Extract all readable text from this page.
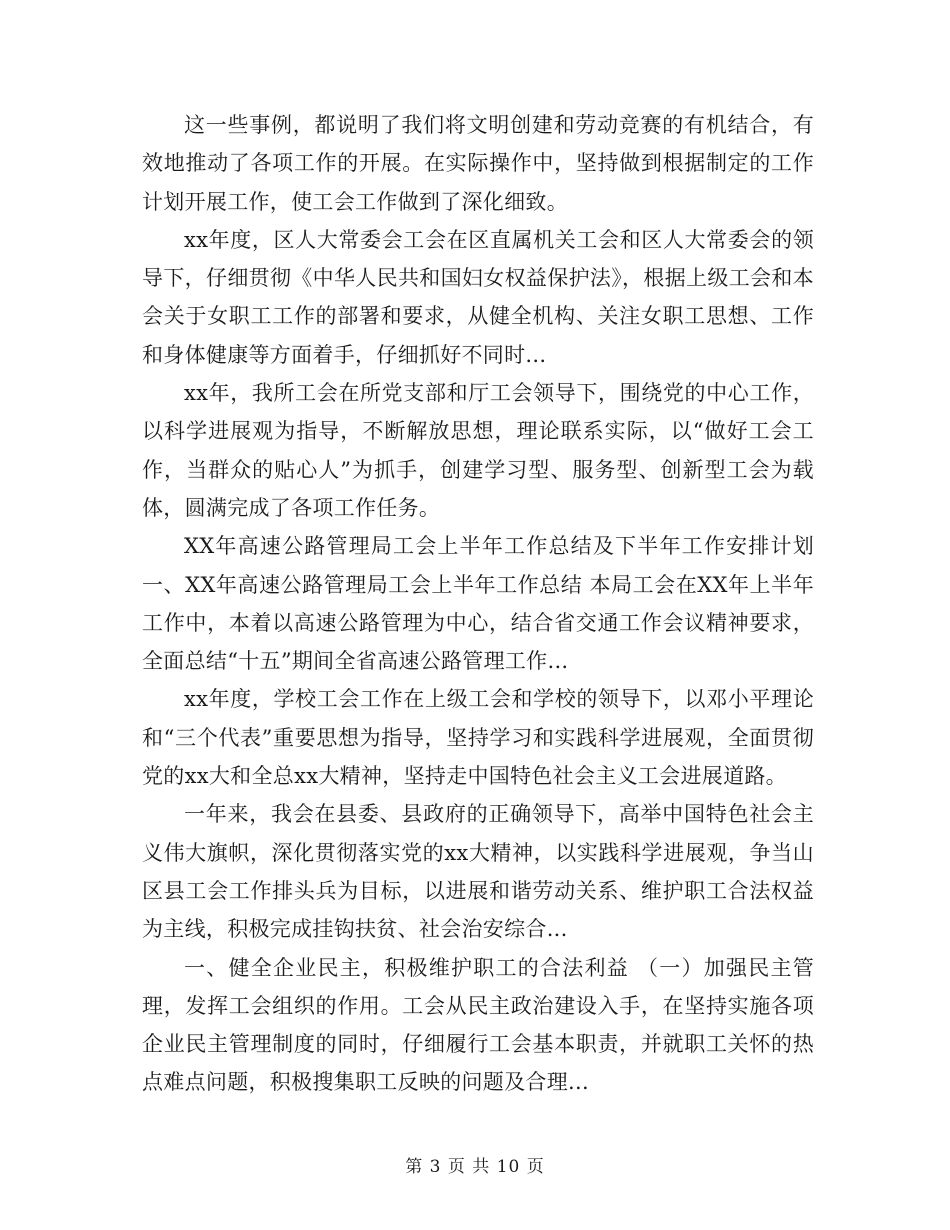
这一些事例，都说明了我们将文明创建和劳动竞赛的有机结合，有效地推动了各项工作的开展。在实际操作中，坚持做到根据制定的工作计划开展工作，使工会工作做到了深化细致。

xx年度，区人大常委会工会在区直属机关工会和区人大常委会的领导下，仔细贯彻《中华人民共和国妇女权益保护法》，根据上级工会和本会关于女职工工作的部署和要求，从健全机构、关注女职工思想、工作和身体健康等方面着手，仔细抓好不同时...

xx年，我所工会在所党支部和厅工会领导下，围绕党的中心工作，以科学进展观为指导，不断解放思想，理论联系实际，以“做好工会工作，当群众的贴心人”为抓手，创建学习型、服务型、创新型工会为载体，圆满完成了各项工作任务。

XX年高速公路管理局工会上半年工作总结及下半年工作安排计划 一、XX年高速公路管理局工会上半年工作总结 本局工会在XX年上半年工作中，本着以高速公路管理为中心，结合省交通工作会议精神要求，全面总结“十五”期间全省高速公路管理工作...

xx年度，学校工会工作在上级工会和学校的领导下，以邓小平理论和“三个代表”重要思想为指导，坚持学习和实践科学进展观，全面贯彻党的xx大和全总xx大精神，坚持走中国特色社会主义工会进展道路。

一年来，我会在县委、县政府的正确领导下，高举中国特色社会主义伟大旗帜，深化贯彻落实党的xx大精神，以实践科学进展观，争当山区县工会工作排头兵为目标，以进展和谐劳动关系、维护职工合法权益为主线，积极完成挂钩扶贫、社会治安综合...

一、健全企业民主，积极维护职工的合法利益 （一）加强民主管理，发挥工会组织的作用。工会从民主政治建设入手，在坚持实施各项企业民主管理制度的同时，仔细履行工会基本职责，并就职工关怀的热点难点问题，积极搜集职工反映的问题及合理...

第 3 页 共 10 页
